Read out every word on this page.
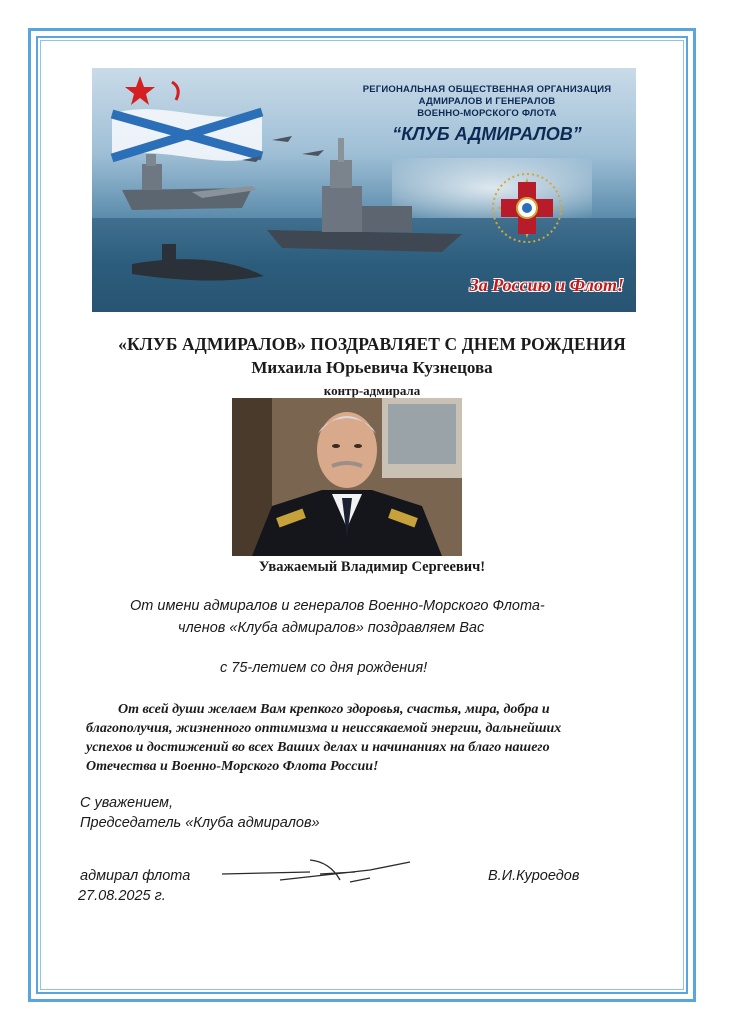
РЕГИОНАЛЬНАЯ ОБЩЕСТВЕННАЯ ОРГАНИЗАЦИЯ
АДМИРАЛОВ И ГЕНЕРАЛОВ
ВОЕННО-МОРСКОГО ФЛОТА
“КЛУБ АДМИРАЛОВ”
За Россию и Флот!
«КЛУБ АДМИРАЛОВ» ПОЗДРАВЛЯЕТ С ДНЕМ РОЖДЕНИЯ
Михаила Юрьевича Кузнецова
контр-адмирала
Уважаемый Владимир Сергеевич!
От имени адмиралов и генералов Военно-Морского Флота-
членов «Клуба адмиралов» поздравляем Вас
с 75-летием со дня рождения!
От всей души желаем Вам крепкого здоровья, счастья, мира, добра и
благополучия, жизненного оптимизма и неиссякаемой энергии, дальнейших
успехов и достижений во всех Ваших делах и начинаниях на благо нашего
Отечества и Военно-Морского Флота России!
С уважением,
Председатель «Клуба адмиралов»
адмирал флота
27.08.2025 г.
В.И.Куроедов
